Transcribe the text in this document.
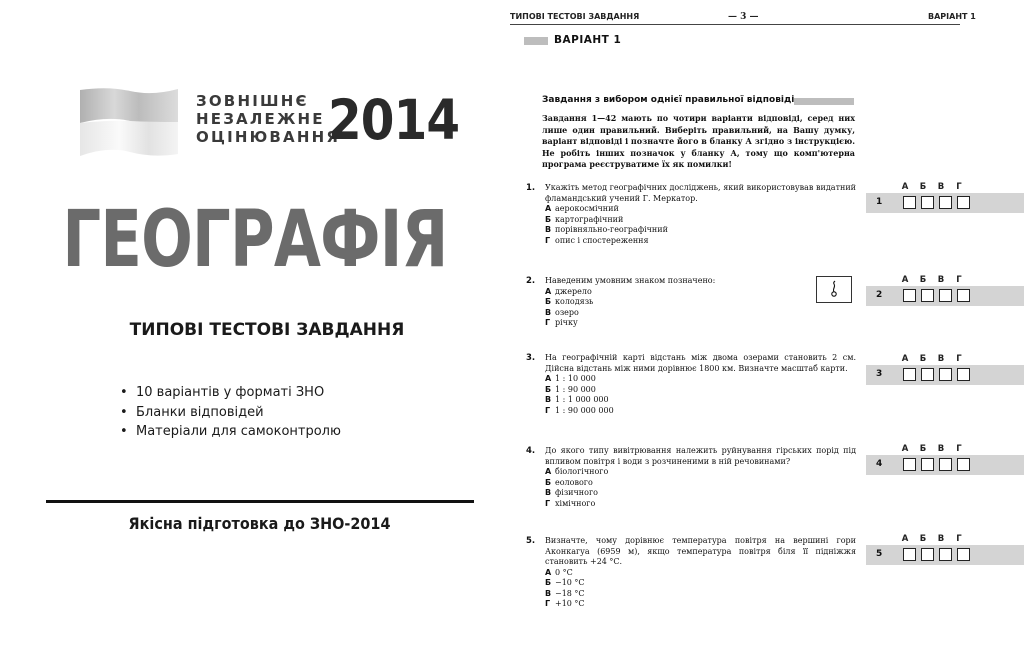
ЗОВНІШНЄ
НЕЗАЛЕЖНЕ
ОЦІНЮВАННЯ
2014
ГЕОГРАФІЯ
ТИПОВІ ТЕСТОВІ ЗАВДАННЯ
• 10 варіантів у форматі ЗНО
• Бланки відповідей
• Матеріали для самоконтролю
Якісна підготовка до ЗНО-2014
ТИПОВІ ТЕСТОВІ ЗАВДАННЯ	— 3 —	ВАРІАНТ 1
ВАРІАНТ 1
Завдання з вибором однієї правильної відповіді

Завдання 1—42 мають по чотири варіанти відповіді, серед них лише один правильний. Виберіть правильний, на Вашу думку, варіант відповіді і позначте його в бланку А згідно з інструкцією. Не робіть інших позначок у бланку А, тому що комп'ютерна програма реєструватиме їх як помилки!

1. Укажіть метод географічних досліджень, який використовував видатний фламандський учений Г. Меркатор.

А аерокосмічний
Б картографічний
В порівняльно-географічний
Г опис і спостереження
2. Наведеним умовним знаком позначено:

А джерело
Б колодязь
В озеро
Г річку
3. На географічній карті відстань між двома озерами становить 2 см. Дійсна відстань між ними дорівнює 1800 км. Визначте масштаб карти.

А 1 : 10 000
Б 1 : 90 000
В 1 : 1 000 000
Г 1 : 90 000 000
4. До якого типу вивітрювання належить руйнування гірських порід під впливом повітря і води з розчиненими в ній речовинами?

А біологічного
Б еолового
В фізичного
Г хімічного
5. Визначте, чому дорівнює температура повітря на вершині гори Аконкагуа (6959 м), якщо температура повітря біля її підніжжя становить +24 °С.

А 0 °С
Б −10 °С
В −18 °С
Г +10 °С
А Б В Г
1
А Б В Г
2
А Б В Г
3
А Б В Г
4
А Б В Г
5
